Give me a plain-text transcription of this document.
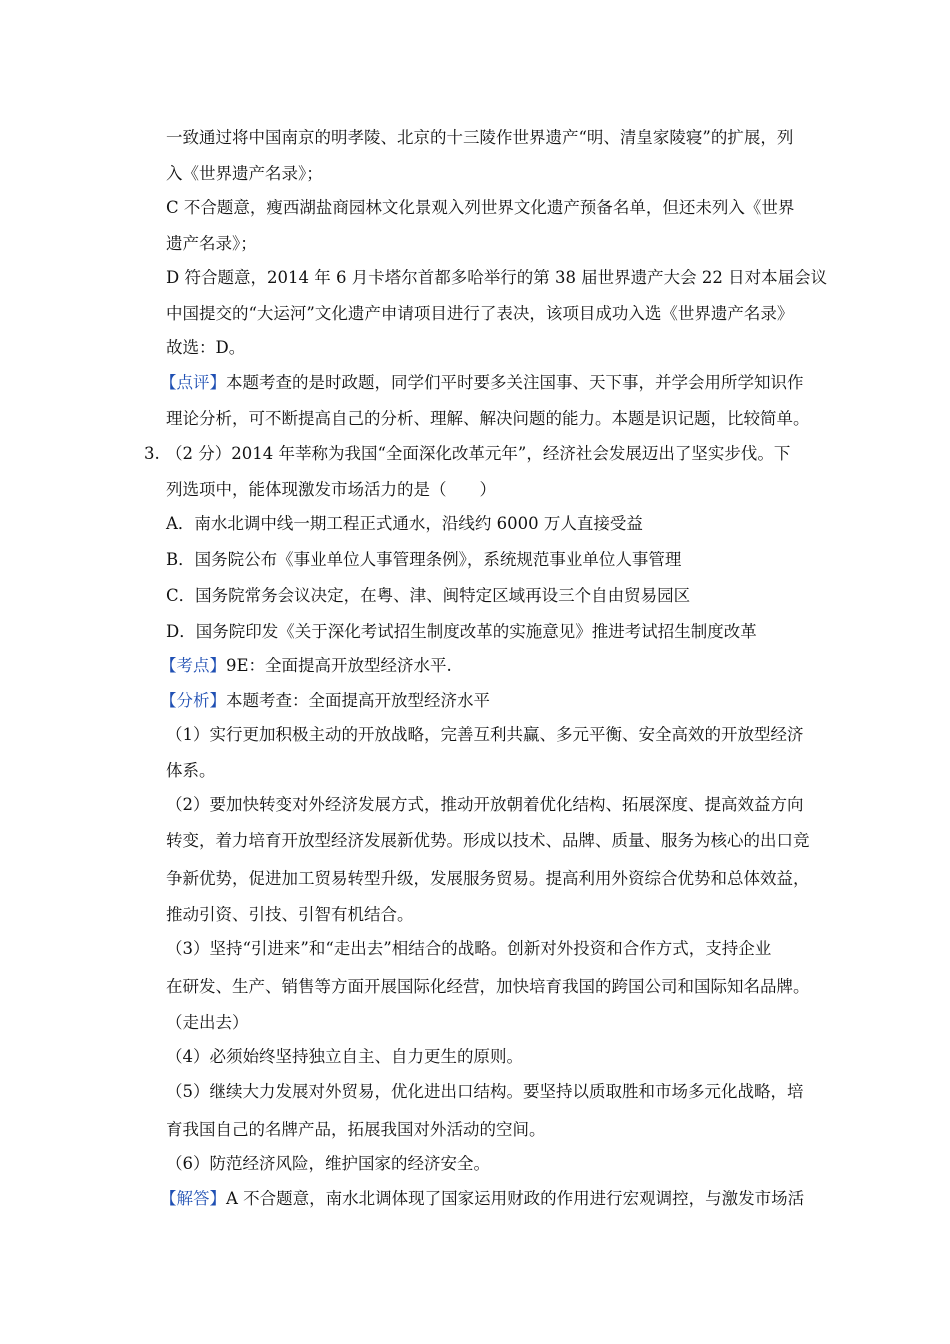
一致通过将中国南京的明孝陵、北京的十三陵作世界遗产“明、清皇家陵寝”的扩展，列
入《世界遗产名录》；
C 不合题意，瘦西湖盐商园林文化景观入列世界文化遗产预备名单，但还未列入《世界
遗产名录》；
D 符合题意，2014 年 6 月卡塔尔首都多哈举行的第 38 届世界遗产大会 22 日对本届会议
中国提交的“大运河”文化遗产申请项目进行了表决，该项目成功入选《世界遗产名录》
故选：D。
【点评】本题考查的是时政题，同学们平时要多关注国事、天下事，并学会用所学知识作
理论分析，可不断提高自己的分析、理解、解决问题的能力。本题是识记题，比较简单。
3. （2 分）2014 年莘称为我国“全面深化改革元年”，经济社会发展迈出了坚实步伐。下
列选项中，能体现激发市场活力的是（　　）
A．南水北调中线一期工程正式通水，沿线约 6000 万人直接受益
B．国务院公布《事业单位人事管理条例》，系统规范事业单位人事管理
C．国务院常务会议决定，在粤、津、闽特定区域再设三个自由贸易园区
D．国务院印发《关于深化考试招生制度改革的实施意见》推进考试招生制度改革
【考点】9E：全面提高开放型经济水平.
【分析】本题考查：全面提高开放型经济水平
（1）实行更加积极主动的开放战略，完善互利共赢、多元平衡、安全高效的开放型经济
体系。
（2）要加快转变对外经济发展方式，推动开放朝着优化结构、拓展深度、提高效益方向
转变，着力培育开放型经济发展新优势。形成以技术、品牌、质量、服务为核心的出口竞
争新优势，促进加工贸易转型升级，发展服务贸易。提高利用外资综合优势和总体效益，
推动引资、引技、引智有机结合。
（3）坚持“引进来”和“走出去”相结合的战略。创新对外投资和合作方式，支持企业
在研发、生产、销售等方面开展国际化经营，加快培育我国的跨国公司和国际知名品牌。
（走出去）
（4）必须始终坚持独立自主、自力更生的原则。
（5）继续大力发展对外贸易，优化进出口结构。要坚持以质取胜和市场多元化战略，培
育我国自己的名牌产品，拓展我国对外活动的空间。
（6）防范经济风险，维护国家的经济安全。
【解答】A 不合题意，南水北调体现了国家运用财政的作用进行宏观调控，与激发市场活
